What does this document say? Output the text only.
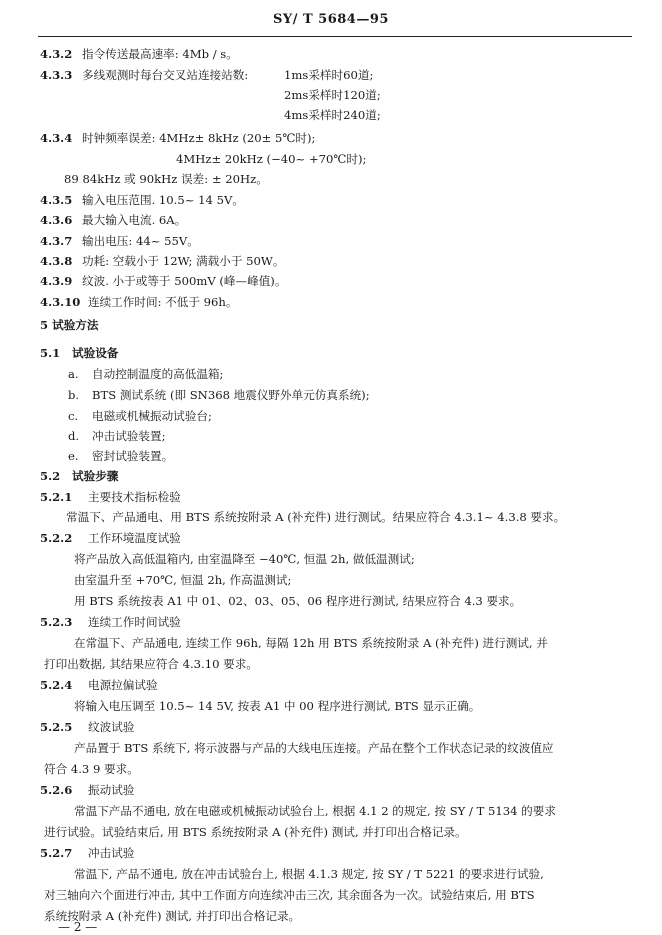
SY/ T 5684—95
4.3.2 指令传送最高速率: 4Mb / s。
4.3.3 多线观测时每台交叉站连接站数:	1ms采样时60道;
2ms采样时120道;
4ms采样时240道;
4.3.4 时钟频率误差: 4MHz± 8kHz (20± 5℃时);
4MHz± 20kHz (−40~ +70℃时);
89 84kHz 或 90kHz 误差: ± 20Hz。
4.3.5 输入电压范围. 10.5~ 14 5V。
4.3.6 最大输入电流. 6A。
4.3.7 输出电压: 44~ 55V。
4.3.8 功耗: 空载小于 12W; 满载小于 50W。
4.3.9 纹波. 小于或等于 500mV (峰—峰值)。
4.3.10 连续工作时间: 不低于 96h。
5 试验方法
5.1 试验设备
a. 自动控制温度的高低温箱;
b. BTS 测试系统 (即 SN368 地震仪野外单元仿真系统);
c. 电磁或机械振动试验台;
d. 冲击试验装置;
e. 密封试验装置。
5.2 试验步骤
5.2.1 主要技术指标检验
常温下、产品通电、用 BTS 系统按附录 A (补充件) 进行测试。结果应符合 4.3.1~ 4.3.8 要求。
5.2.2 工作环境温度试验
将产品放入高低温箱内, 由室温降至 −40℃, 恒温 2h, 做低温测试;
由室温升至 +70℃, 恒温 2h, 作高温测试;
用 BTS 系统按表 A1 中 01、02、03、05、06 程序进行测试, 结果应符合 4.3 要求。
5.2.3 连续工作时间试验
在常温下、产品通电, 连续工作 96h, 每隔 12h 用 BTS 系统按附录 A (补充件) 进行测试, 并
打印出数据, 其结果应符合 4.3.10 要求。
5.2.4 电源拉偏试验
将输入电压调至 10.5~ 14 5V, 按表 A1 中 00 程序进行测试, BTS 显示正确。
5.2.5 纹波试验
产品置于 BTS 系统下, 将示波器与产品的大线电压连接。产品在整个工作状态记录的纹波值应
符合 4.3 9 要求。
5.2.6 振动试验
常温下产品不通电, 放在电磁或机械振动试验台上, 根据 4.1 2 的规定, 按 SY / T 5134 的要求
进行试验。试验结束后, 用 BTS 系统按附录 A (补充件) 测试, 并打印出合格记录。
5.2.7 冲击试验
常温下, 产品不通电, 放在冲击试验台上, 根据 4.1.3 规定, 按 SY / T 5221 的要求进行试验,
对三轴向六个面进行冲击, 其中工作面方向连续冲击三次, 其余面各为一次。试验结束后, 用 BTS
系统按附录 A (补充件) 测试, 并打印出合格记录。
— 2 —
